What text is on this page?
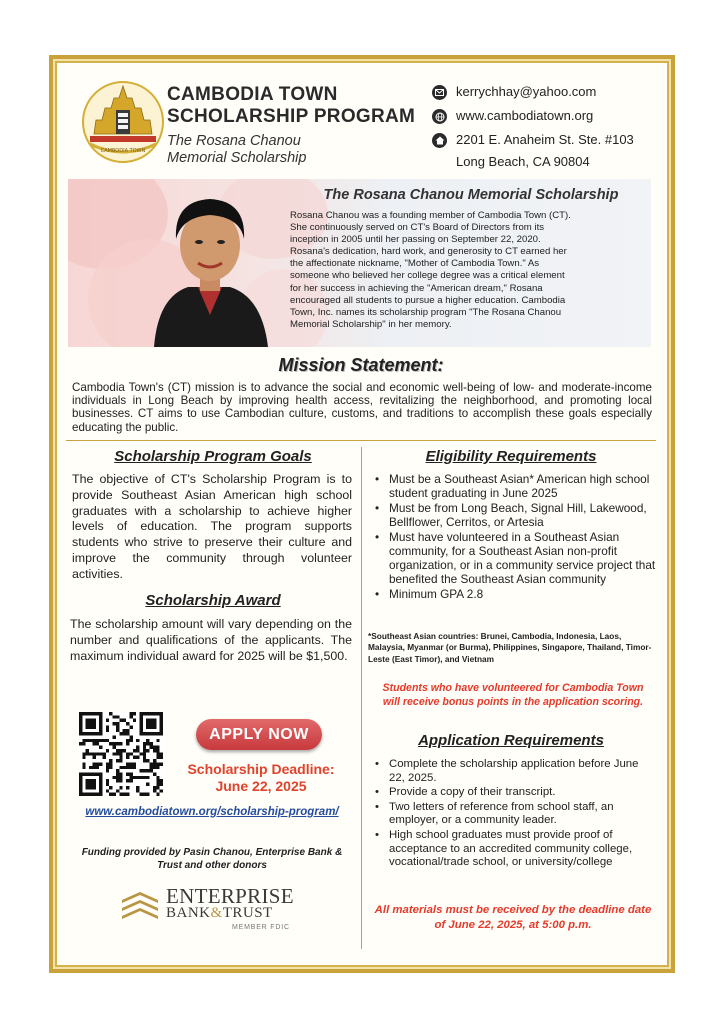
CAMBODIA TOWN
CAMBODIA TOWN
SCHOLARSHIP PROGRAM
The Rosana Chanou
Memorial Scholarship
kerrychhay@yahoo.com
www.cambodiatown.org
2201 E. Anaheim St. Ste. #103
Long Beach, CA 90804
The Rosana Chanou Memorial Scholarship
Rosana Chanou was a founding member of Cambodia Town (CT).
She continuously served on CT's Board of Directors from its
inception in 2005 until her passing on September 22, 2020.
Rosana's dedication, hard work, and generosity to CT earned her
the affectionate nickname, "Mother of Cambodia Town." As
someone who believed her college degree was a critical element
for her success in achieving the "American dream," Rosana
encouraged all students to pursue a higher education. Cambodia
Town, Inc. names its scholarship program "The Rosana Chanou
Memorial Scholarship" in her memory.
Mission Statement:
Cambodia Town's (CT) mission is to advance the social and economic well-being of low- and moderate-income individuals in Long Beach by improving health access, revitalizing the neighborhood, and promoting local businesses. CT aims to use Cambodian culture, customs, and traditions to accomplish these goals especially educating the public.
Scholarship Program Goals
The objective of CT's Scholarship Program is to provide Southeast Asian American high school graduates with a scholarship to achieve higher levels of education. The program supports students who strive to preserve their culture and improve the community through volunteer activities.
Scholarship Award
The scholarship amount will vary depending on the number and qualifications of the applicants. The maximum individual award for 2025 will be $1,500.
APPLY NOW
Scholarship Deadline:
June 22, 2025
www.cambodiatown.org/scholarship-program/
Funding provided by Pasin Chanou, Enterprise Bank & Trust and other donors
ENTERPRISE
BANK&TRUST
MEMBER FDIC
Eligibility Requirements
• Must be a Southeast Asian* American high school student graduating in June 2025
• Must be from Long Beach, Signal Hill, Lakewood, Bellflower, Cerritos, or Artesia
• Must have volunteered in a Southeast Asian community, for a Southeast Asian non-profit organization, or in a community service project that benefited the Southeast Asian community
• Minimum GPA 2.8
*Southeast Asian countries: Brunei, Cambodia, Indonesia, Laos, Malaysia, Myanmar (or Burma), Philippines, Singapore, Thailand, Timor-Leste (East Timor), and Vietnam
Students who have volunteered for Cambodia Town will receive bonus points in the application scoring.
Application Requirements
• Complete the scholarship application before June 22, 2025.
• Provide a copy of their transcript.
• Two letters of reference from school staff, an employer, or a community leader.
• High school graduates must provide proof of acceptance to an accredited community college, vocational/trade school, or university/college
All materials must be received by the deadline date of June 22, 2025, at 5:00 p.m.
